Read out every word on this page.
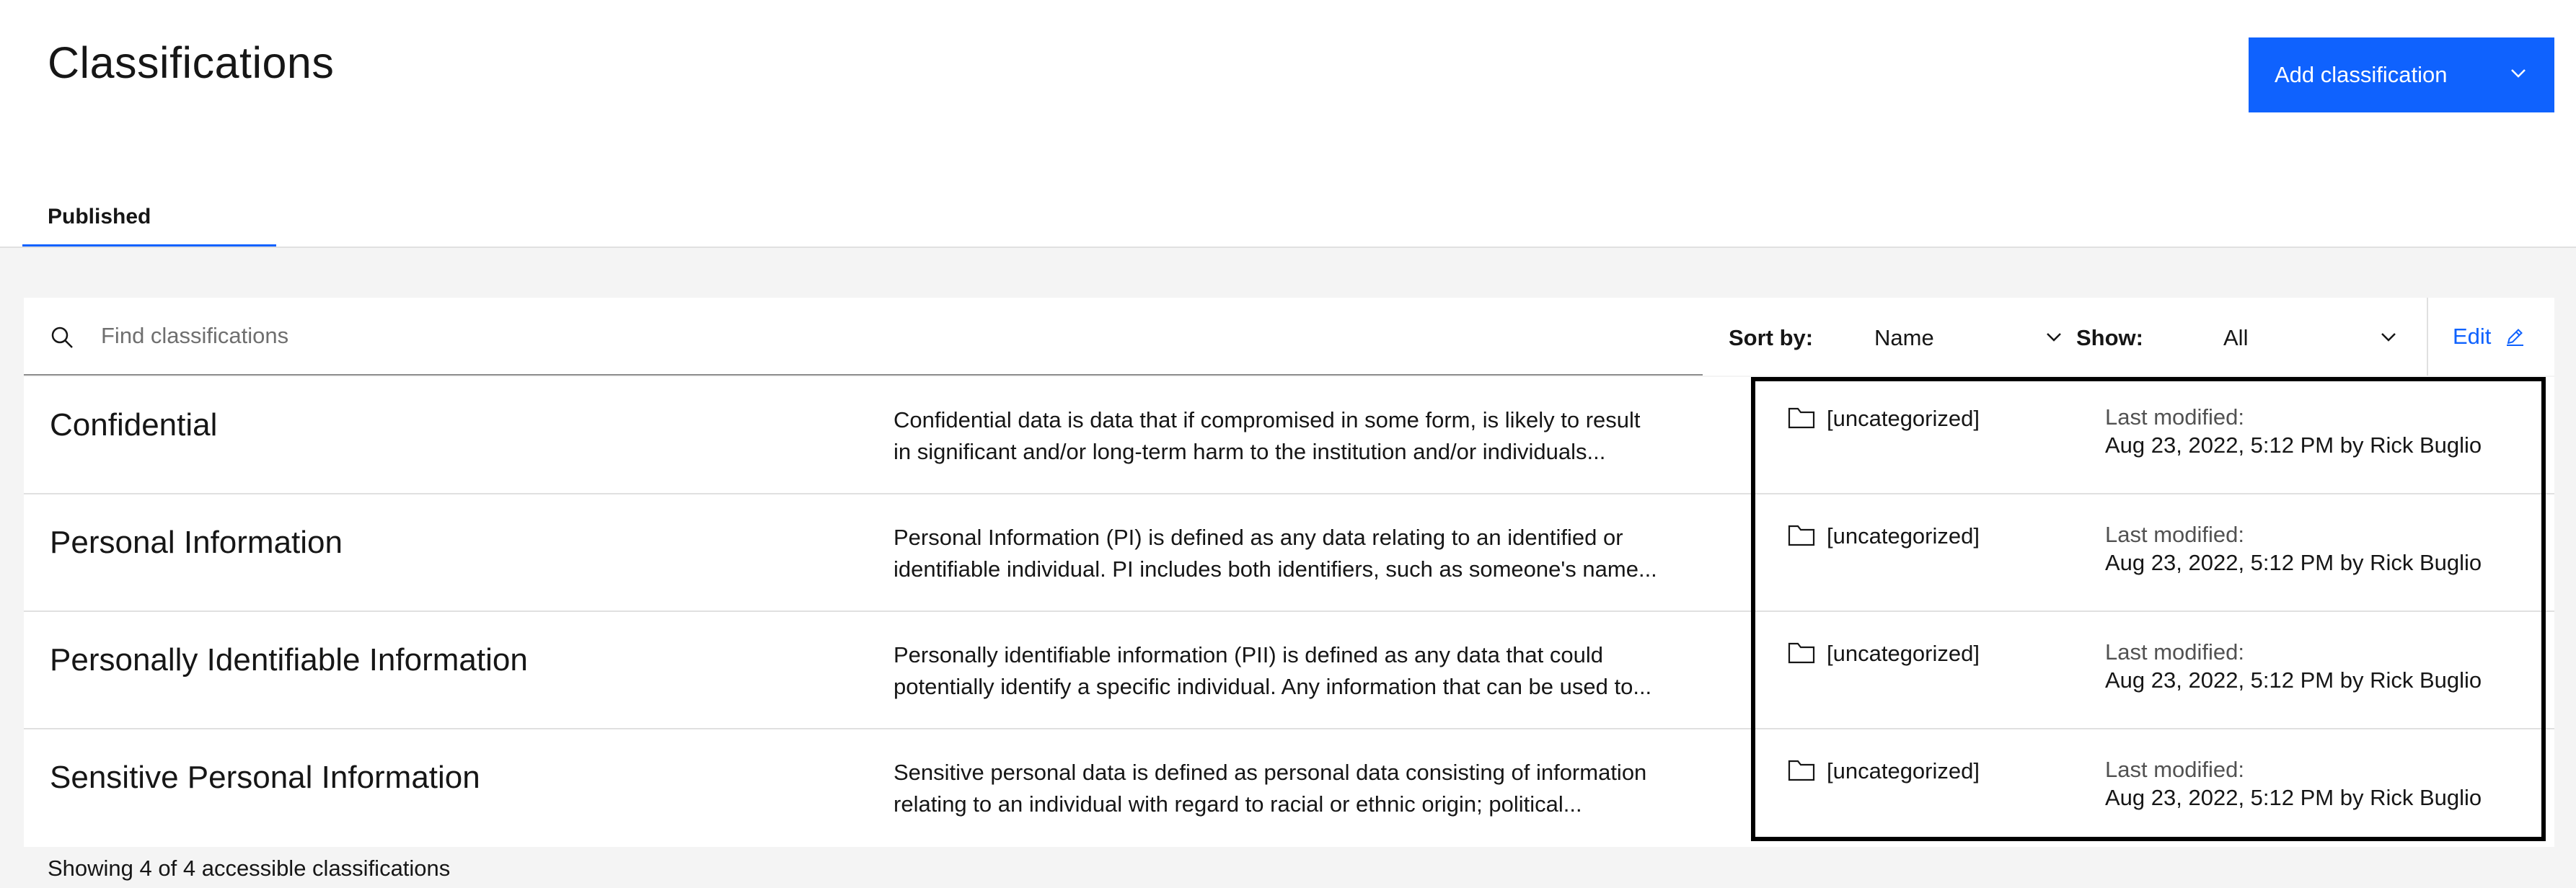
Classifications	Add classification
Published
Find classifications
Sort by:	Name	Show:	All	Edit
Confidential	Confidential data is data that if compromised in some form, is likely to result
in significant and/or long-term harm to the institution and/or individuals...
[uncategorized]	Last modified:
Aug 23, 2022, 5:12 PM by Rick Buglio
Personal Information	Personal Information (PI) is defined as any data relating to an identified or
identifiable individual. PI includes both identifiers, such as someone's name...
[uncategorized]	Last modified:
Aug 23, 2022, 5:12 PM by Rick Buglio
Personally Identifiable Information	Personally identifiable information (PII) is defined as any data that could
potentially identify a specific individual. Any information that can be used to...
[uncategorized]	Last modified:
Aug 23, 2022, 5:12 PM by Rick Buglio
Sensitive Personal Information	Sensitive personal data is defined as personal data consisting of information
relating to an individual with regard to racial or ethnic origin; political...
[uncategorized]	Last modified:
Aug 23, 2022, 5:12 PM by Rick Buglio
Showing 4 of 4 accessible classifications
